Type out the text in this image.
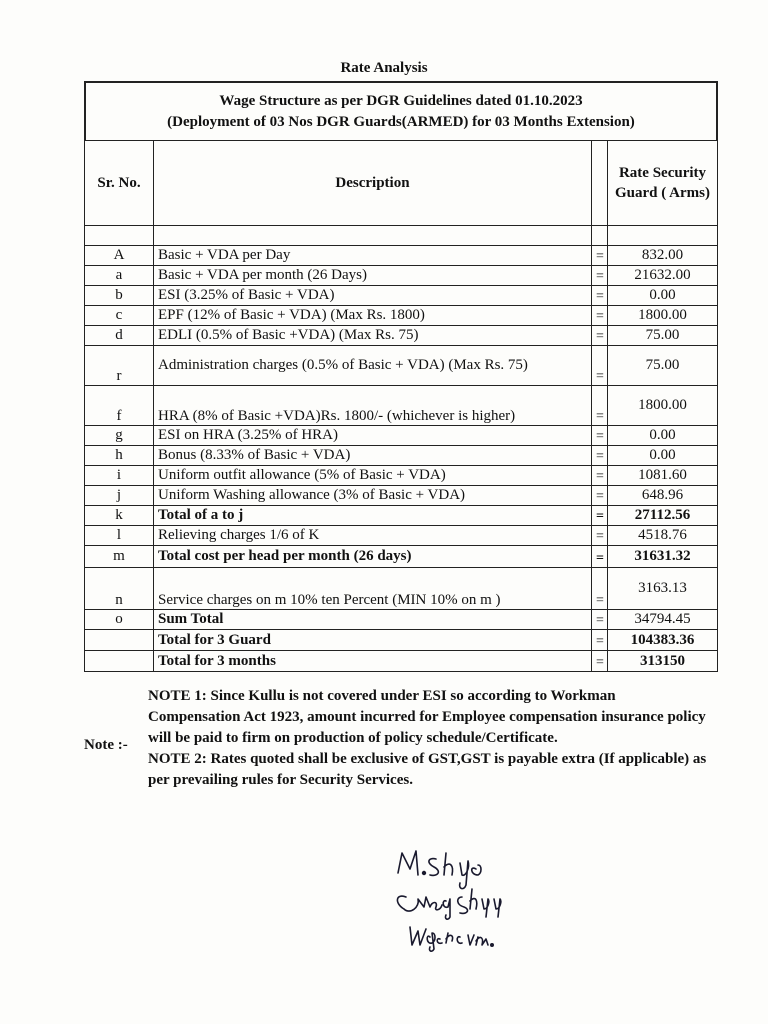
Rate Analysis
Wage Structure as per DGR Guidelines dated 01.10.2023
(Deployment of 03 Nos DGR Guards(ARMED) for 03 Months Extension)
Sr. No.	Description		Rate Security Guard ( Arms)

A	Basic + VDA per Day	=	832.00
a	Basic + VDA per month (26 Days)	=	21632.00
b	ESI (3.25% of Basic + VDA)	=	0.00
c	EPF (12% of Basic + VDA) (Max Rs. 1800)	=	1800.00
d	EDLI (0.5% of Basic +VDA) (Max Rs. 75)	=	75.00
r	Administration charges (0.5% of Basic + VDA) (Max Rs. 75)	=	75.00
f	HRA (8% of Basic +VDA)Rs. 1800/- (whichever is higher)	=	1800.00
g	ESI on HRA (3.25% of HRA)	=	0.00
h	Bonus (8.33% of Basic + VDA)	=	0.00
i	Uniform outfit allowance (5% of Basic + VDA)	=	1081.60
j	Uniform Washing allowance (3% of Basic + VDA)	=	648.96
k	Total of a to j	=	27112.56
l	Relieving charges 1/6 of K	=	4518.76
m	Total cost per head per month (26 days)	=	31631.32
n	Service charges on m 10% ten Percent (MIN 10% on m )	=	3163.13
o	Sum Total	=	34794.45
	Total for 3 Guard	=	104383.36
	Total for 3 months	=	313150
Note :-

NOTE 1: Since Kullu is not covered under ESI so according to Workman Compensation Act 1923, amount incurred for Employee compensation insurance policy will be paid to firm on production of policy schedule/Certificate.

NOTE 2: Rates quoted shall be exclusive of GST,GST is payable extra (If applicable) as per prevailing rules for Security Services.
